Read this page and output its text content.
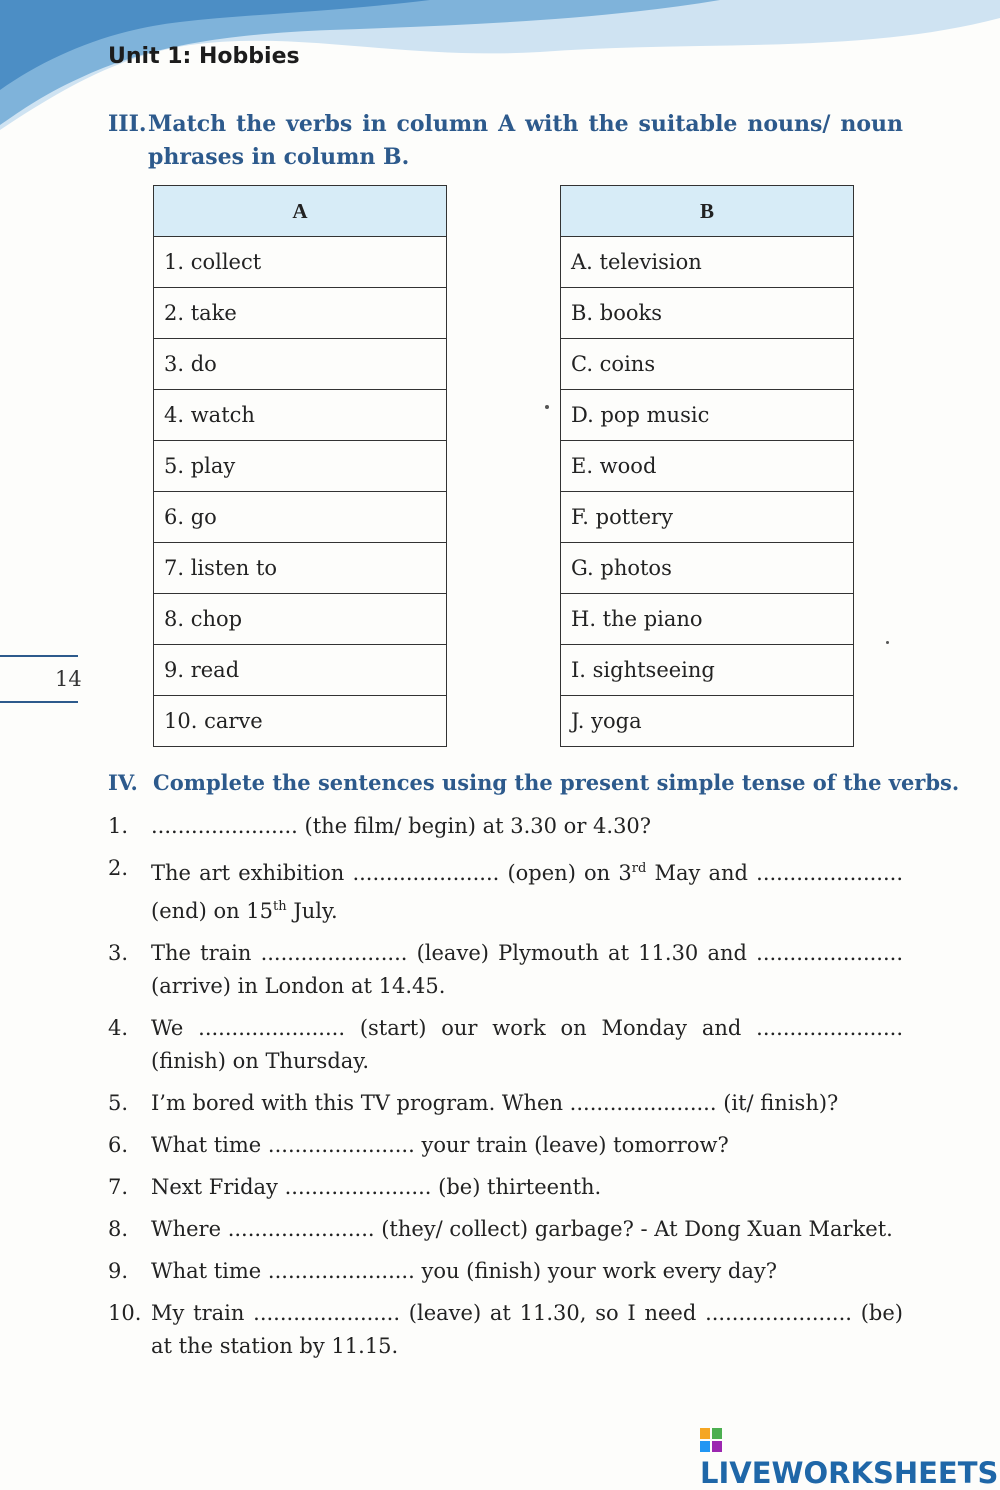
Unit 1: Hobbies
III. Match the verbs in column A with the suitable nouns/ noun
phrases in column B.
A
1. collect
2. take
3. do
4. watch
5. play
6. go
7. listen to
8. chop
9. read
10. carve
B
A. television
B. books
C. coins
D. pop music
E. wood
F. pottery
G. photos
H. the piano
I. sightseeing
J. yoga
14
IV. Complete the sentences using the present simple tense of the verbs.
1. ...................... (the film/ begin) at 3.30 or 4.30?
2. The art exhibition ...................... (open) on 3rd May and ...................... (end) on 15th July.
3. The train ...................... (leave) Plymouth at 11.30 and ...................... (arrive) in London at 14.45.
4. We ...................... (start) our work on Monday and ...................... (finish) on Thursday.
5. I’m bored with this TV program. When ...................... (it/ finish)?
6. What time ...................... your train (leave) tomorrow?
7. Next Friday ...................... (be) thirteenth.
8. Where ...................... (they/ collect) garbage? - At Dong Xuan Market.
9. What time ...................... you (finish) your work every day?
10. My train ...................... (leave) at 11.30, so I need ...................... (be) at the station by 11.15.
LIVEWORKSHEETS
